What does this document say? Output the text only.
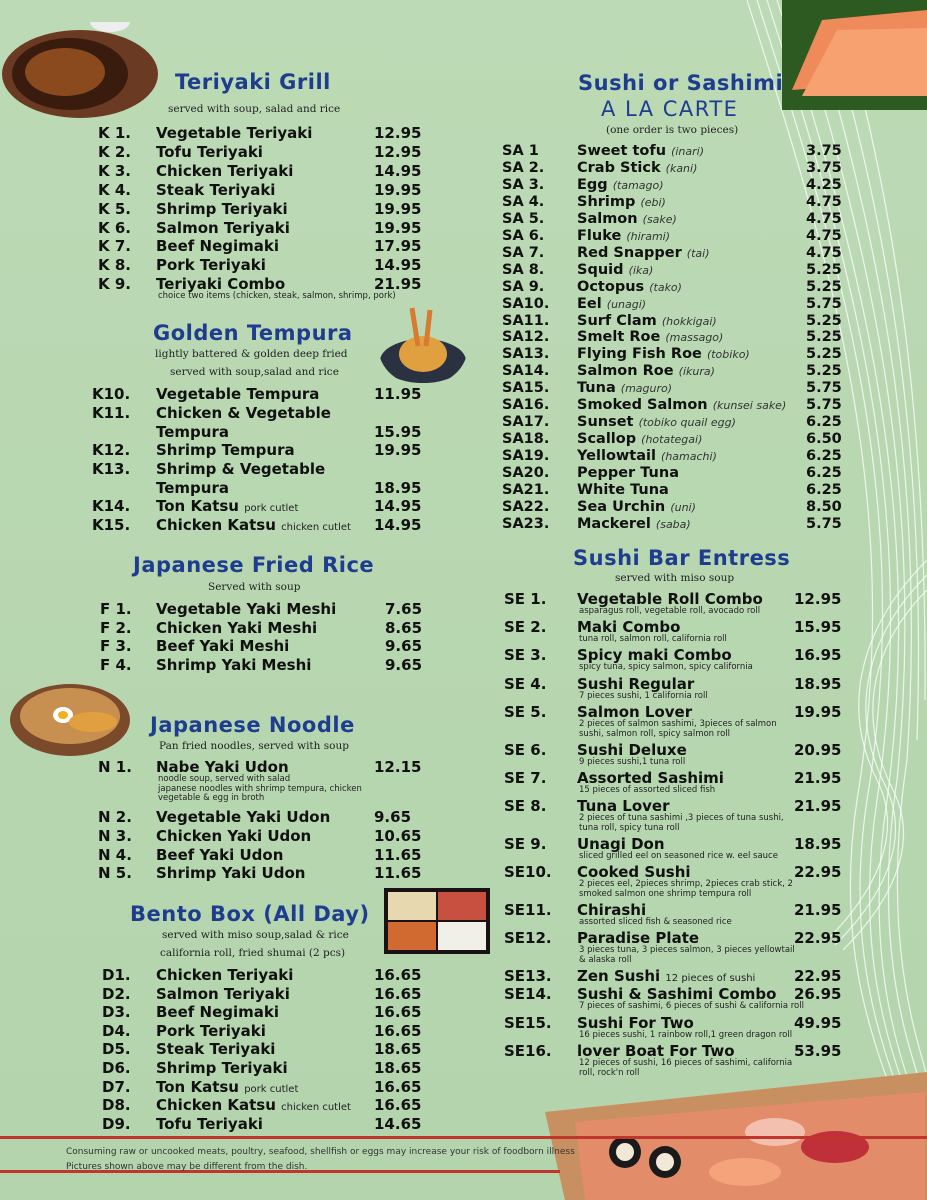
Teriyaki Grill
served with soup, salad and rice
K 1. Vegetable Teriyaki	12.95
K 2. Tofu Teriyaki	12.95
K 3. Chicken Teriyaki	14.95
K 4. Steak Teriyaki	19.95
K 5. Shrimp Teriyaki	19.95
K 6. Salmon Teriyaki	19.95
K 7. Beef Negimaki	17.95
K 8. Pork Teriyaki	14.95
K 9. Teriyaki Combo	21.95
choice two items (chicken, steak, salmon, shrimp, pork)
Golden Tempura
lightly battered & golden deep fried
served with soup,salad and rice
K10. Vegetable Tempura	11.95
K11. Chicken & Vegetable
Tempura	15.95
K12. Shrimp Tempura	19.95
K13. Shrimp & Vegetable
Tempura	18.95
K14. Ton Katsu pork cutlet	14.95
K15. Chicken Katsu chicken cutlet 14.95
Japanese Fried Rice
Served with soup
F 1. Vegetable Yaki Meshi	7.65
F 2. Chicken Yaki Meshi	8.65
F 3. Beef Yaki Meshi	9.65
F 4. Shrimp Yaki Meshi	9.65
Japanese Noodle
Pan fried noodles, served with soup
N 1. Nabe Yaki Udon	12.15
noodle soup, served with salad
japanese noodles with shrimp tempura, chicken
vegetable & egg in broth
N 2. Vegetable Yaki Udon	9.65
N 3. Chicken Yaki Udon	10.65
N 4. Beef Yaki Udon	11.65
N 5. Shrimp Yaki Udon	11.65
Bento Box (All Day)
served with miso soup,salad & rice
california roll, fried shumai (2 pcs)
D1. Chicken Teriyaki	16.65
D2. Salmon Teriyaki	16.65
D3. Beef Negimaki	16.65
D4. Pork Teriyaki	16.65
D5. Steak Teriyaki	18.65
D6. Shrimp Teriyaki	18.65
D7. Ton Katsu pork cutlet	16.65
D8. Chicken Katsu chicken cutlet 16.65
D9. Tofu Teriyaki	14.65
Sushi or Sashimi
A LA CARTE
(one order is two pieces)
SA 1	Sweet tofu (inari)	3.75
SA 2. Crab Stick (kani)	3.75
SA 3. Egg (tamago)	4.25
SA 4. Shrimp (ebi)	4.75
SA 5. Salmon (sake)	4.75
SA 6. Fluke (hirami)	4.75
SA 7. Red Snapper (tai)	4.75
SA 8. Squid (ika)	5.25
SA 9. Octopus (tako)	5.25
SA10. Eel (unagi)	5.75
SA11. Surf Clam (hokkigai)	5.25
SA12. Smelt Roe (massago)	5.25
SA13. Flying Fish Roe (tobiko)	5.25
SA14. Salmon Roe (ikura)	5.25
SA15. Tuna (maguro)	5.75
SA16. Smoked Salmon (kunsei sake) 5.75
SA17. Sunset (tobiko quail egg)	6.25
SA18. Scallop (hotategai)	6.50
SA19. Yellowtail (hamachi)	6.25
SA20. Pepper Tuna	6.25
SA21. White Tuna	6.25
SA22. Sea Urchin (uni)	8.50
SA23. Mackerel (saba)	5.75
Sushi Bar Entress
served with miso soup
SE 1. Vegetable Roll Combo 12.95
asparagus roll, vegetable roll, avocado roll
SE 2. Maki Combo	15.95
tuna roll, salmon roll, california roll
SE 3. Spicy maki Combo	16.95
spicy tuna, spicy salmon, spicy california
SE 4. Sushi Regular	18.95
7 pieces sushi, 1 california roll
SE 5. Salmon Lover	19.95
2 pieces of salmon sashimi, 3pieces of salmon
sushi, salmon roll, spicy salmon roll
SE 6. Sushi Deluxe	20.95
9 pieces sushi,1 tuna roll
SE 7. Assorted Sashimi	21.95
15 pieces of assorted sliced fish
SE 8. Tuna Lover	21.95
2 pieces of tuna sashimi ,3 pieces of tuna sushi,
tuna roll, spicy tuna roll
SE 9. Unagi Don	18.95
sliced grilled eel on seasoned rice w. eel sauce
SE10. Cooked Sushi	22.95
2 pieces eel, 2pieces shrimp, 2pieces crab stick, 2
smoked salmon one shrimp tempura roll
SE11. Chirashi	21.95
assorted sliced fish & seasoned rice
SE12. Paradise Plate	22.95
3 pieces tuna, 3 pieces salmon, 3 pieces yellowtail
& alaska roll
SE13. Zen Sushi 12 pieces of sushi	22.95
SE14. Sushi & Sashimi Combo 26.95
7 pieces of sashimi, 6 pieces of sushi & california roll
SE15. Sushi For Two	49.95
16 pieces sushi, 1 rainbow roll,1 green dragon roll
SE16. lover Boat For Two	53.95
12 pieces of sushi, 16 pieces of sashimi, california
roll, rock'n roll
Consuming raw or uncooked meats, poultry, seafood, shellfish or eggs may increase your risk of foodborn illness
Pictures shown above may be different from the dish.
